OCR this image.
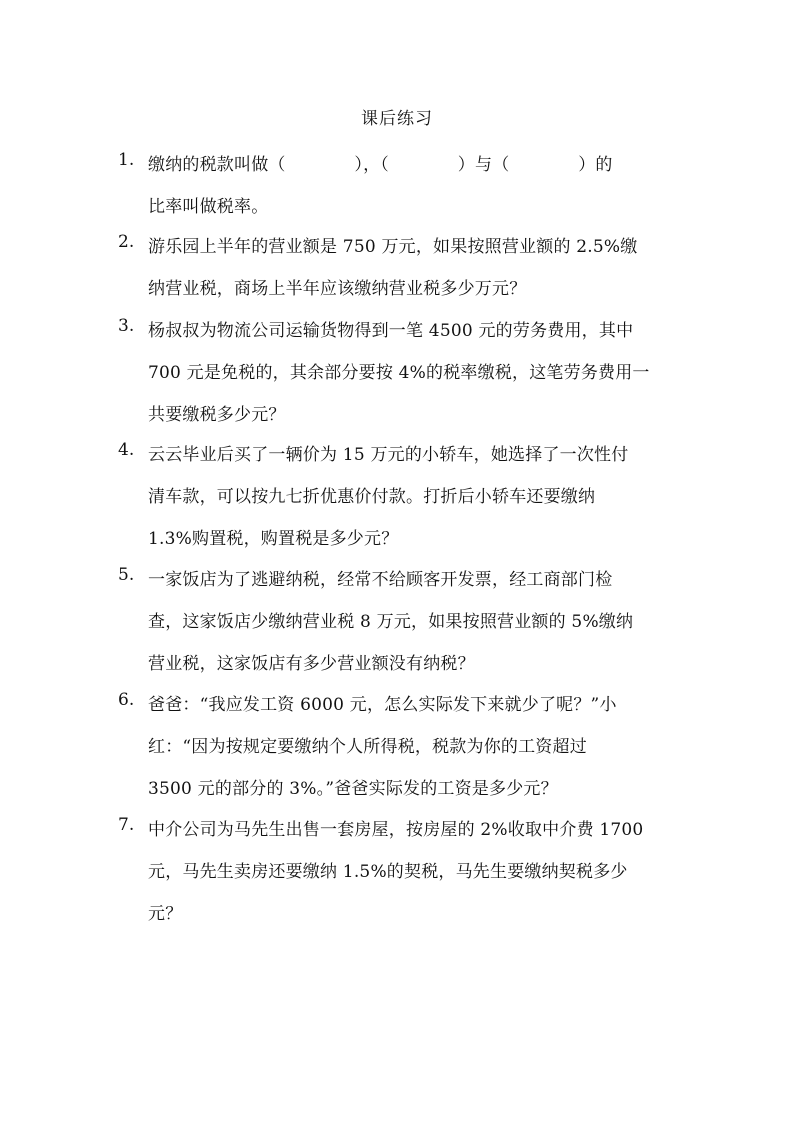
课后练习
1. 缴纳的税款叫做（　　　　），（　　　　）与（　　　　）的
比率叫做税率。
2. 游乐园上半年的营业额是 750 万元，如果按照营业额的 2.5%缴
纳营业税，商场上半年应该缴纳营业税多少万元？
3. 杨叔叔为物流公司运输货物得到一笔 4500 元的劳务费用，其中
700 元是免税的，其余部分要按 4%的税率缴税，这笔劳务费用一
共要缴税多少元？
4. 云云毕业后买了一辆价为 15 万元的小轿车，她选择了一次性付
清车款，可以按九七折优惠价付款。打折后小轿车还要缴纳
1.3%购置税，购置税是多少元？
5. 一家饭店为了逃避纳税，经常不给顾客开发票，经工商部门检
查，这家饭店少缴纳营业税 8 万元，如果按照营业额的 5%缴纳
营业税，这家饭店有多少营业额没有纳税？
6. 爸爸：“我应发工资 6000 元，怎么实际发下来就少了呢？”小
红：“因为按规定要缴纳个人所得税，税款为你的工资超过
3500 元的部分的 3%。”爸爸实际发的工资是多少元？
7. 中介公司为马先生出售一套房屋，按房屋的 2%收取中介费 1700
元，马先生卖房还要缴纳 1.5%的契税，马先生要缴纳契税多少
元？
